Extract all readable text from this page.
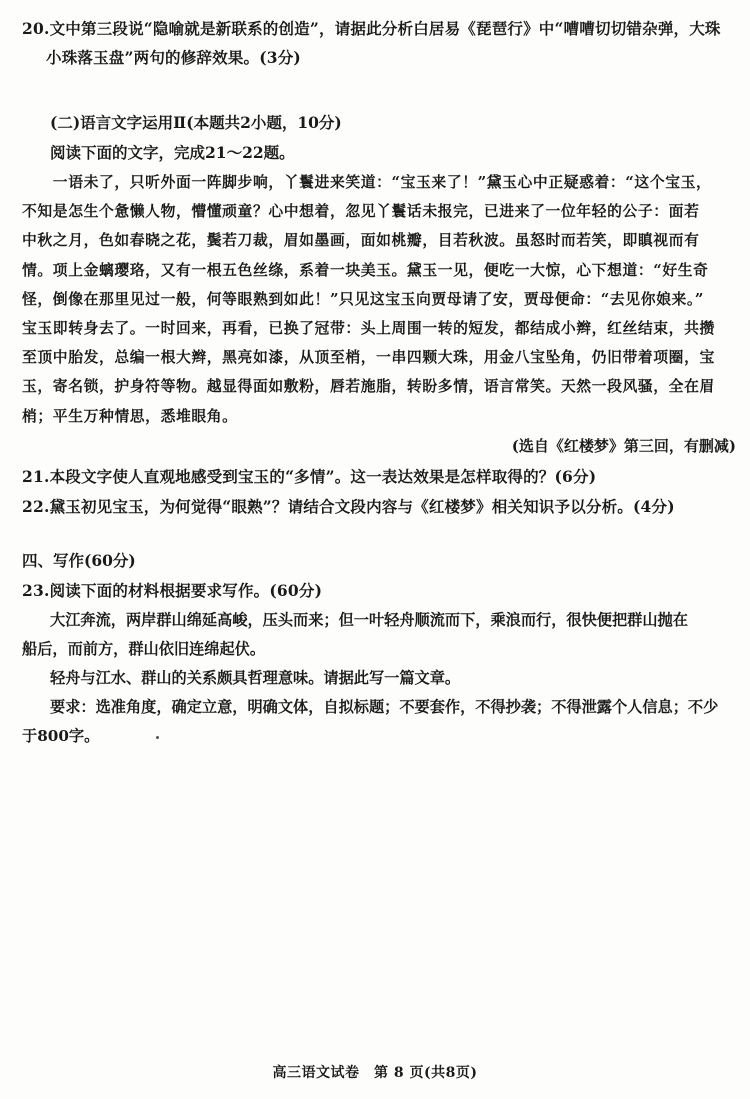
20.文中第三段说“隐喻就是新联系的创造”，请据此分析白居易《琵琶行》中“嘈嘈切切错杂弹，大珠
小珠落玉盘”两句的修辞效果。(3分)
(二)语言文字运用Ⅱ(本题共2小题，10分)
阅读下面的文字，完成21～22题。
　　一语未了，只听外面一阵脚步响，丫鬟进来笑道：“宝玉来了！”黛玉心中正疑惑着：“这个宝玉，
不知是怎生个惫懒人物，懵懂顽童？心中想着，忽见丫鬟话未报完，已进来了一位年轻的公子：面若
中秋之月，色如春晓之花，鬓若刀裁，眉如墨画，面如桃瓣，目若秋波。虽怒时而若笑，即瞋视而有
情。项上金螭璎珞，又有一根五色丝绦，系着一块美玉。黛玉一见，便吃一大惊，心下想道：“好生奇
怪，倒像在那里见过一般，何等眼熟到如此！”只见这宝玉向贾母请了安，贾母便命：“去见你娘来。”
宝玉即转身去了。一时回来，再看，已换了冠带：头上周围一转的短发，都结成小辫，红丝结束，共攒
至顶中胎发，总编一根大辫，黑亮如漆，从顶至梢，一串四颗大珠，用金八宝坠角，仍旧带着项圈，宝
玉，寄名锁，护身符等物。越显得面如敷粉，唇若施脂，转盼多情，语言常笑。天然一段风骚，全在眉
梢；平生万种情思，悉堆眼角。
(选自《红楼梦》第三回，有删减)
21.本段文字使人直观地感受到宝玉的“多情”。这一表达效果是怎样取得的？(6分)
22.黛玉初见宝玉，为何觉得“眼熟”？请结合文段内容与《红楼梦》相关知识予以分析。(4分)
四、写作(60分)
23.阅读下面的材料根据要求写作。(60分)
大江奔流，两岸群山绵延高峻，压头而来；但一叶轻舟顺流而下，乘浪而行，很快便把群山抛在
船后，而前方，群山依旧连绵起伏。
轻舟与江水、群山的关系颇具哲理意味。请据此写一篇文章。
要求：选准角度，确定立意，明确文体，自拟标题；不要套作，不得抄袭；不得泄露个人信息；不少
于800字。
高三语文试卷　第 8 页(共8页)
